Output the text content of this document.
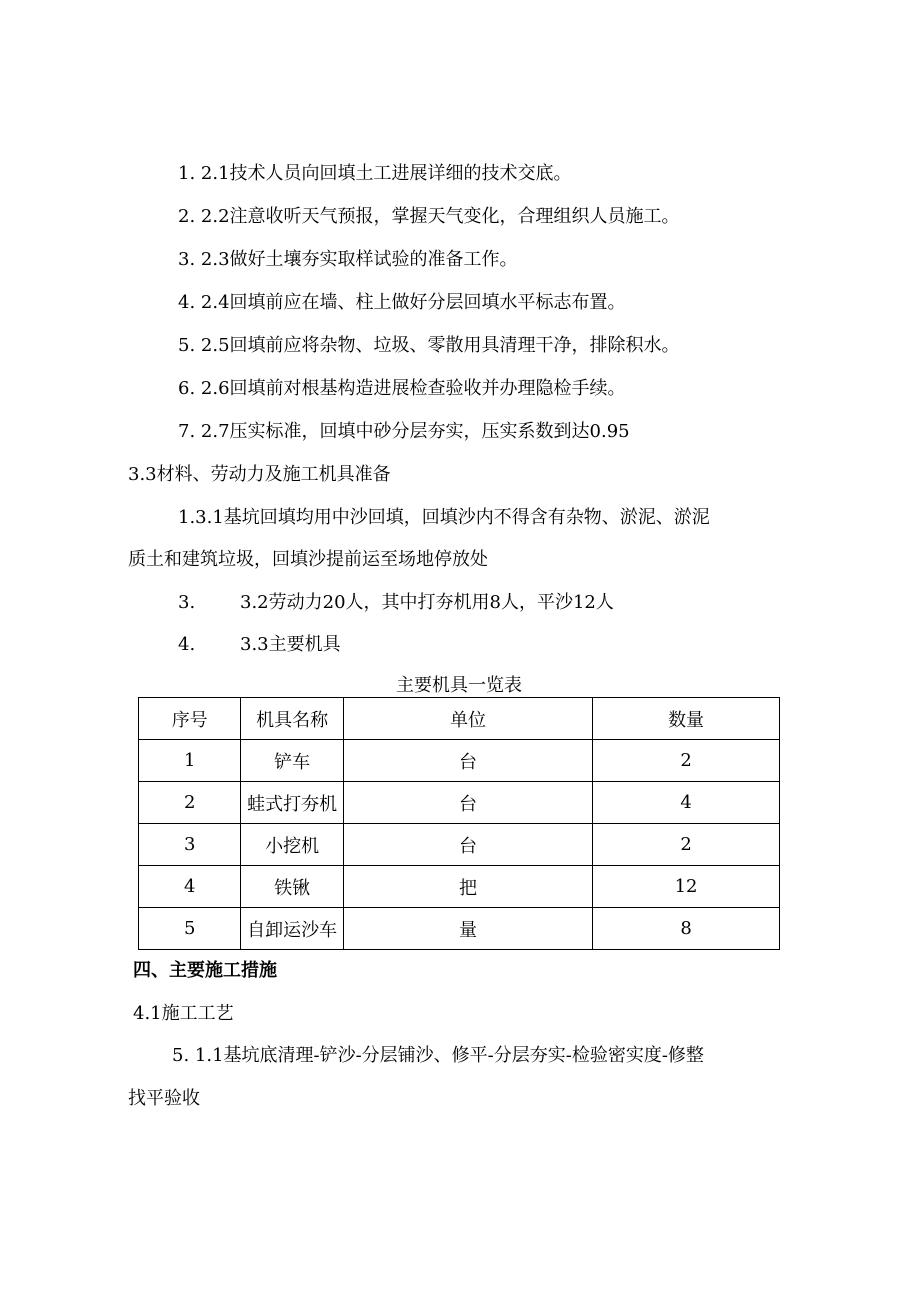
1. 2.1技术人员向回填土工进展详细的技术交底。
2. 2.2注意收听天气预报，掌握天气变化，合理组织人员施工。
3. 2.3做好土壤夯实取样试验的准备工作。
4. 2.4回填前应在墙、柱上做好分层回填水平标志布置。
5. 2.5回填前应将杂物、垃圾、零散用具清理干净，排除积水。
6. 2.6回填前对根基构造进展检查验收并办理隐检手续。
7. 2.7压实标准，回填中砂分层夯实，压实系数到达0.95
3.3材料、劳动力及施工机具准备
1.3.1基坑回填均用中沙回填，回填沙内不得含有杂物、淤泥、淤泥
质土和建筑垃圾，回填沙提前运至场地停放处
3. 3.2劳动力20人，其中打夯机用8人，平沙12人
4. 3.3主要机具
主要机具一览表
序号	机具名称	单位	数量
1	铲车	台	2
2	蛙式打夯机	台	4
3	小挖机	台	2
4	铁锹	把	12
5	自卸运沙车	量	8
四、主要施工措施
4.1施工工艺
5. 1.1基坑底清理-铲沙-分层铺沙、修平-分层夯实-检验密实度-修整
找平验收
